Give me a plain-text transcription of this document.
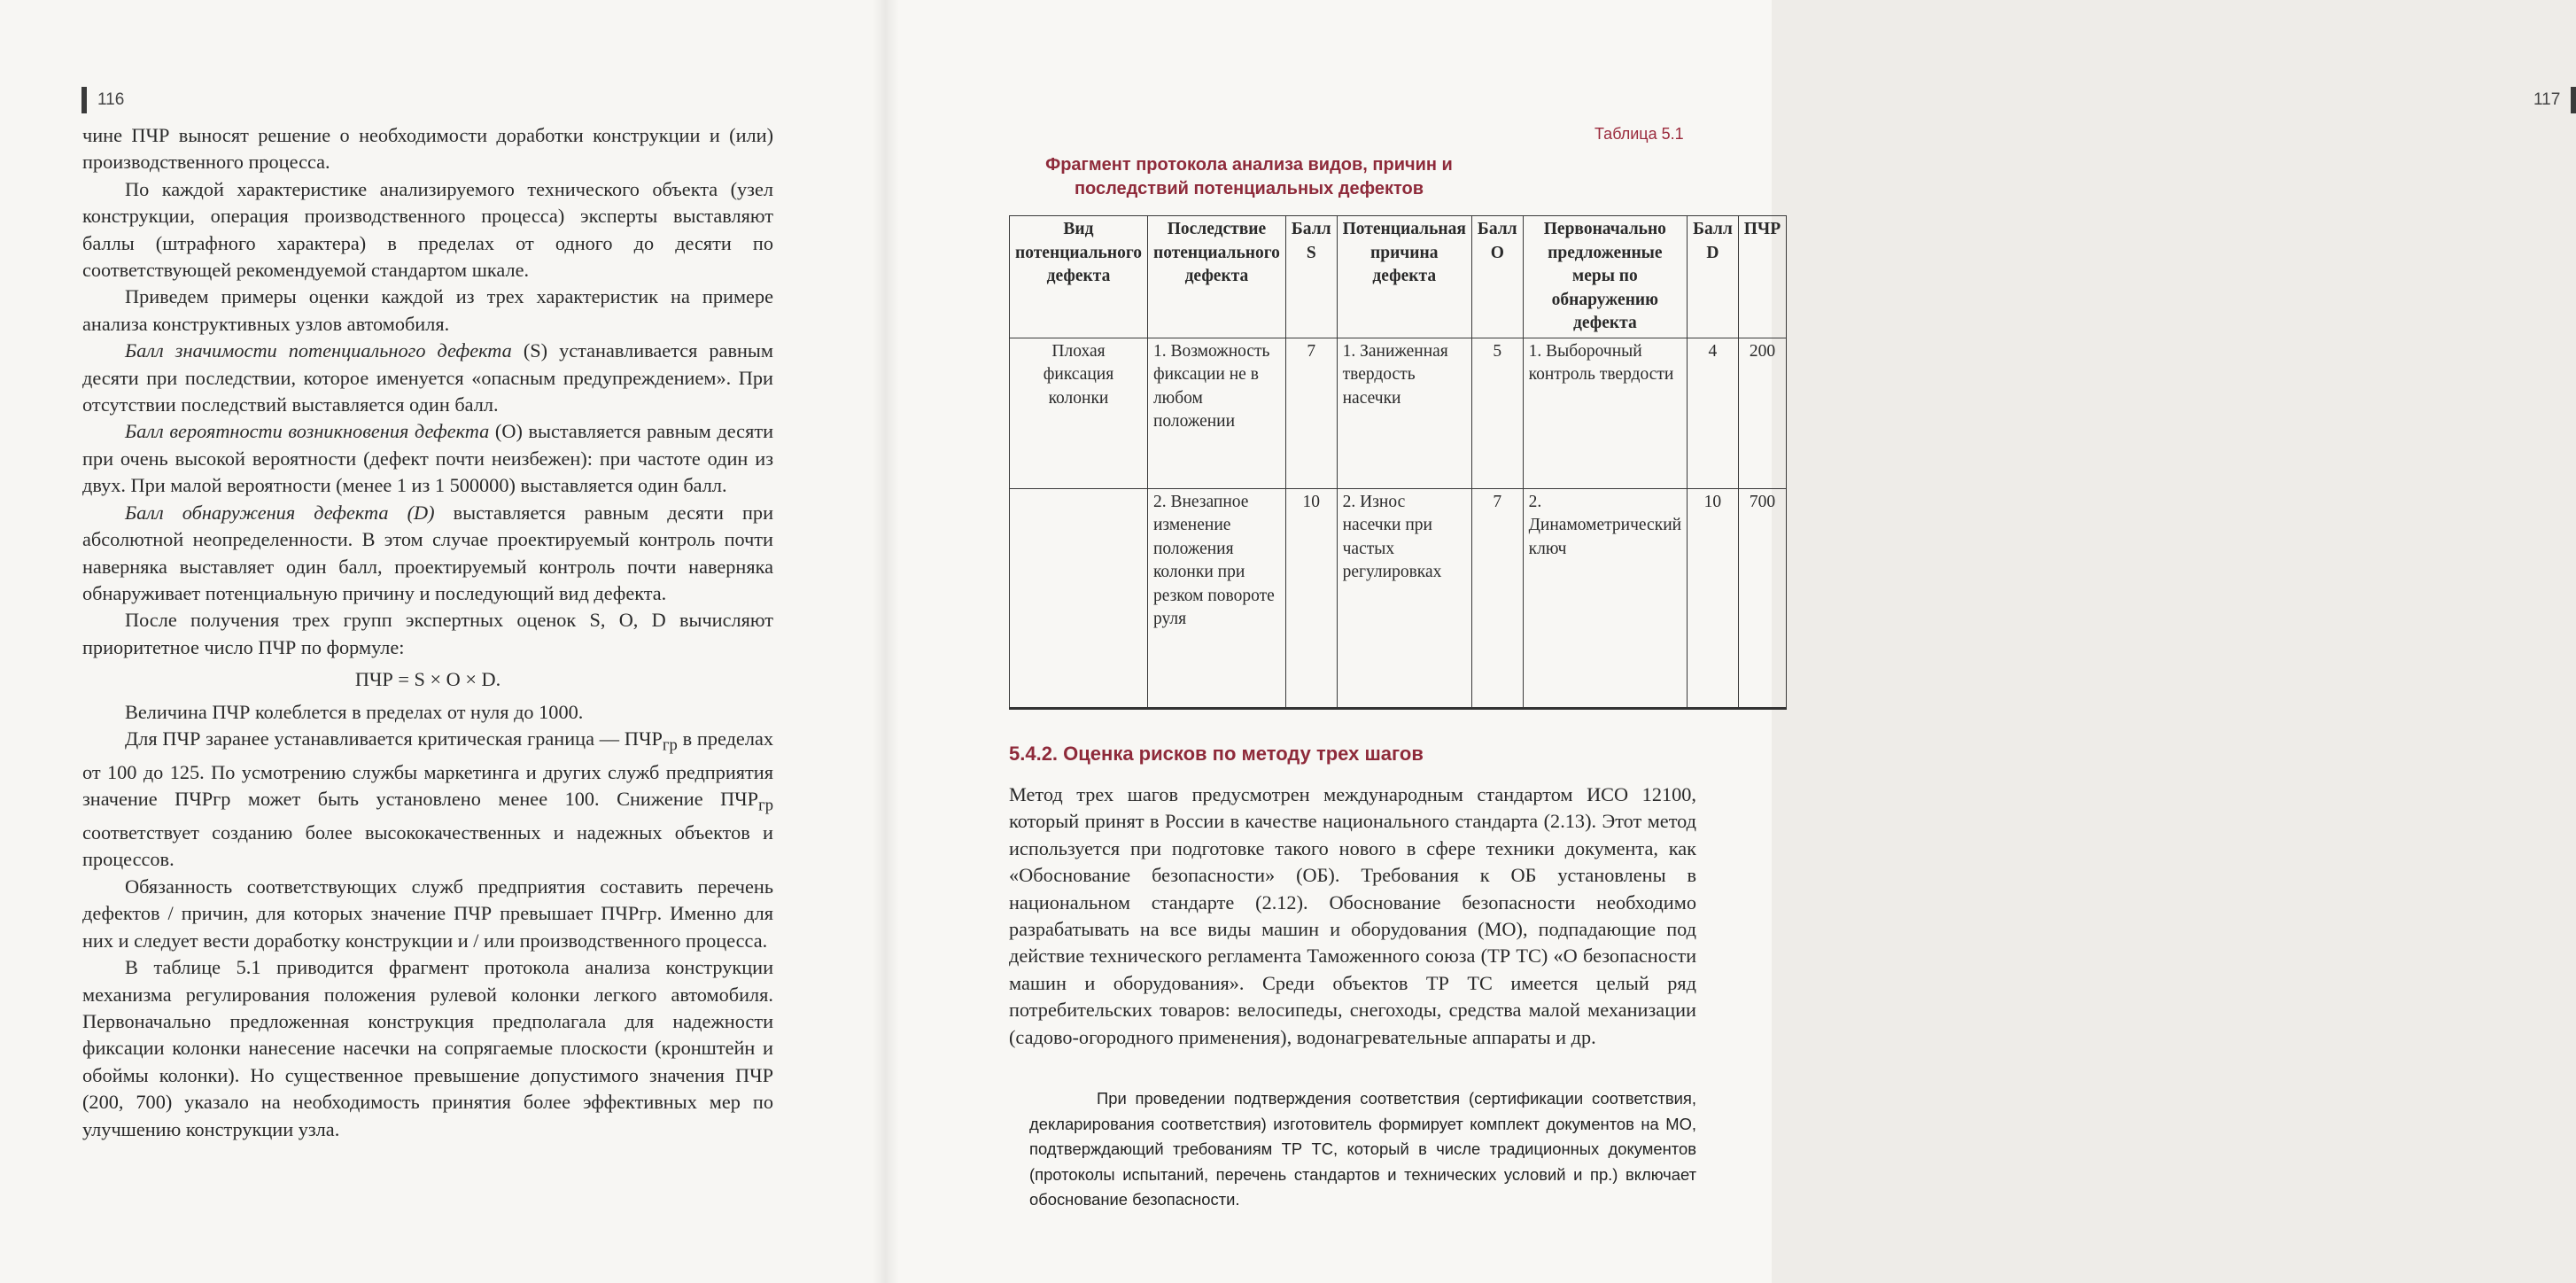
116

чине ПЧР выносят решение о необходимости доработки конструкции и (или) производственного процесса.

По каждой характеристике анализируемого технического объекта (узел конструкции, операция производственного процесса) эксперты выставляют баллы (штрафного характера) в пределах от одного до десяти по соответствующей рекомендуемой стандартом шкале.

Приведем примеры оценки каждой из трех характеристик на примере анализа конструктивных узлов автомобиля.

Балл значимости потенциального дефекта (S) устанавливается равным десяти при последствии, которое именуется «опасным предупреждением». При отсутствии последствий выставляется один балл.

Балл вероятности возникновения дефекта (O) выставляется равным десяти при очень высокой вероятности (дефект почти неизбежен): при частоте один из двух. При малой вероятности (менее 1 из 1 500000) выставляется один балл.

Балл обнаружения дефекта (D) выставляется равным десяти при абсолютной неопределенности. В этом случае проектируемый контроль почти наверняка выставляет один балл, проектируемый контроль почти наверняка обнаруживает потенциальную причину и последующий вид дефекта.

После получения трех групп экспертных оценок S, O, D вычисляют приоритетное число ПЧР по формуле:

ПЧР = S × O × D.

Величина ПЧР колеблется в пределах от нуля до 1000.

Для ПЧР заранее устанавливается критическая граница — $ПЧР_{гр}$ в пределах от 100 до 125. По усмотрению службы маркетинга и других служб предприятия значение ПЧРгр может быть установлено менее 100. Снижение $ПЧР_{гр}$ соответствует созданию более высококачественных и надежных объектов и процессов.

Обязанность соответствующих служб предприятия составить перечень дефектов / причин, для которых значение ПЧР превышает ПЧРгр. Именно для них и следует вести доработку конструкции и / или производственного процесса.

В таблице 5.1 приводится фрагмент протокола анализа конструкции механизма регулирования положения рулевой колонки легкого автомобиля. Первоначально предложенная конструкция предполагала для надежности фиксации колонки нанесение насечки на сопрягаемые плоскости (кронштейн и обоймы колонки). Но существенное превышение допустимого значения ПЧР (200, 700) указало на необходимость принятия более эффективных мер по улучшению конструкции узла.

117
Таблица 5.1
Фрагмент протокола анализа видов, причин и последствий потенциальных дефектов
Вид потенциального дефекта	Последствие потенциального дефекта	Балл S	Потенциальная причина дефекта	Балл O	Первоначально предложенные меры по обнаружению дефекта	Балл D	ПЧР
Плохая фиксация колонки	1. Возможность фиксации не в любом положении	7	1. Заниженная твердость насечки	5	1. Выборочный контроль твердости	4	200
	2. Внезапное изменение положения колонки при резком повороте руля	10	2. Износ насечки при частых регулировках	7	2. Динамометрический ключ	10	700
5.4.2. Оценка рисков по методу трех шагов

Метод трех шагов предусмотрен международным стандартом ИСО 12100, который принят в России в качестве национального стандарта (2.13). Этот метод используется при подготовке такого нового в сфере техники документа, как «Обоснование безопасности» (ОБ). Требования к ОБ установлены в национальном стандарте (2.12). Обоснование безопасности необходимо разрабатывать на все виды машин и оборудования (МО), подпадающие под действие технического регламента Таможенного союза (ТР ТС) «О безопасности машин и оборудования». Среди объектов ТР ТС имеется целый ряд потребительских товаров: велосипеды, снегоходы, средства малой механизации (садово-огородного применения), водонагревательные аппараты и др.

При проведении подтверждения соответствия (сертификации соответствия, декларирования соответствия) изготовитель формирует комплект документов на МО, подтверждающий требованиям ТР ТС, который в числе традиционных документов (протоколы испытаний, перечень стандартов и технических условий и пр.) включает обоснование безопасности.
